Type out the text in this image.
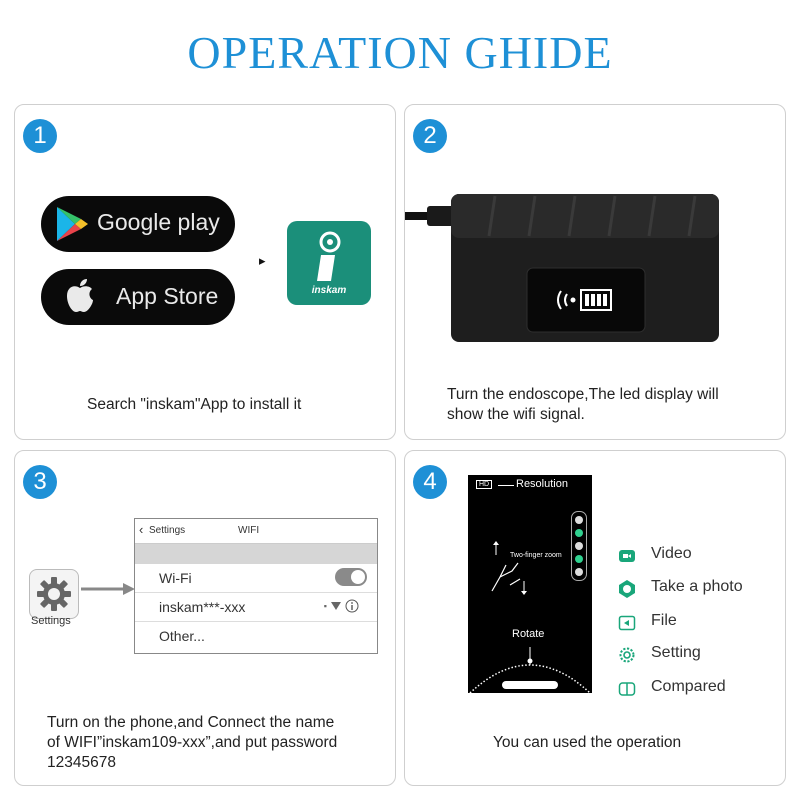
OPERATION GHIDE
1
Google play
App Store
▸
inskam
Search "inskam"App to install it
2
Turn the endoscope,The led display will
show the wifi signal.
3
Settings
Turn on the phone,and Connect the name
of WIFI”inskam109-xxx”,and put password
12345678
‹ Settings	WIFI
Wi-Fi
inskam***-xxx	▪
Other...
4
You can used the operation
HD Resolution
Two-finger zoom
Rotate
Video
Take a photo
File
Setting
Compared
